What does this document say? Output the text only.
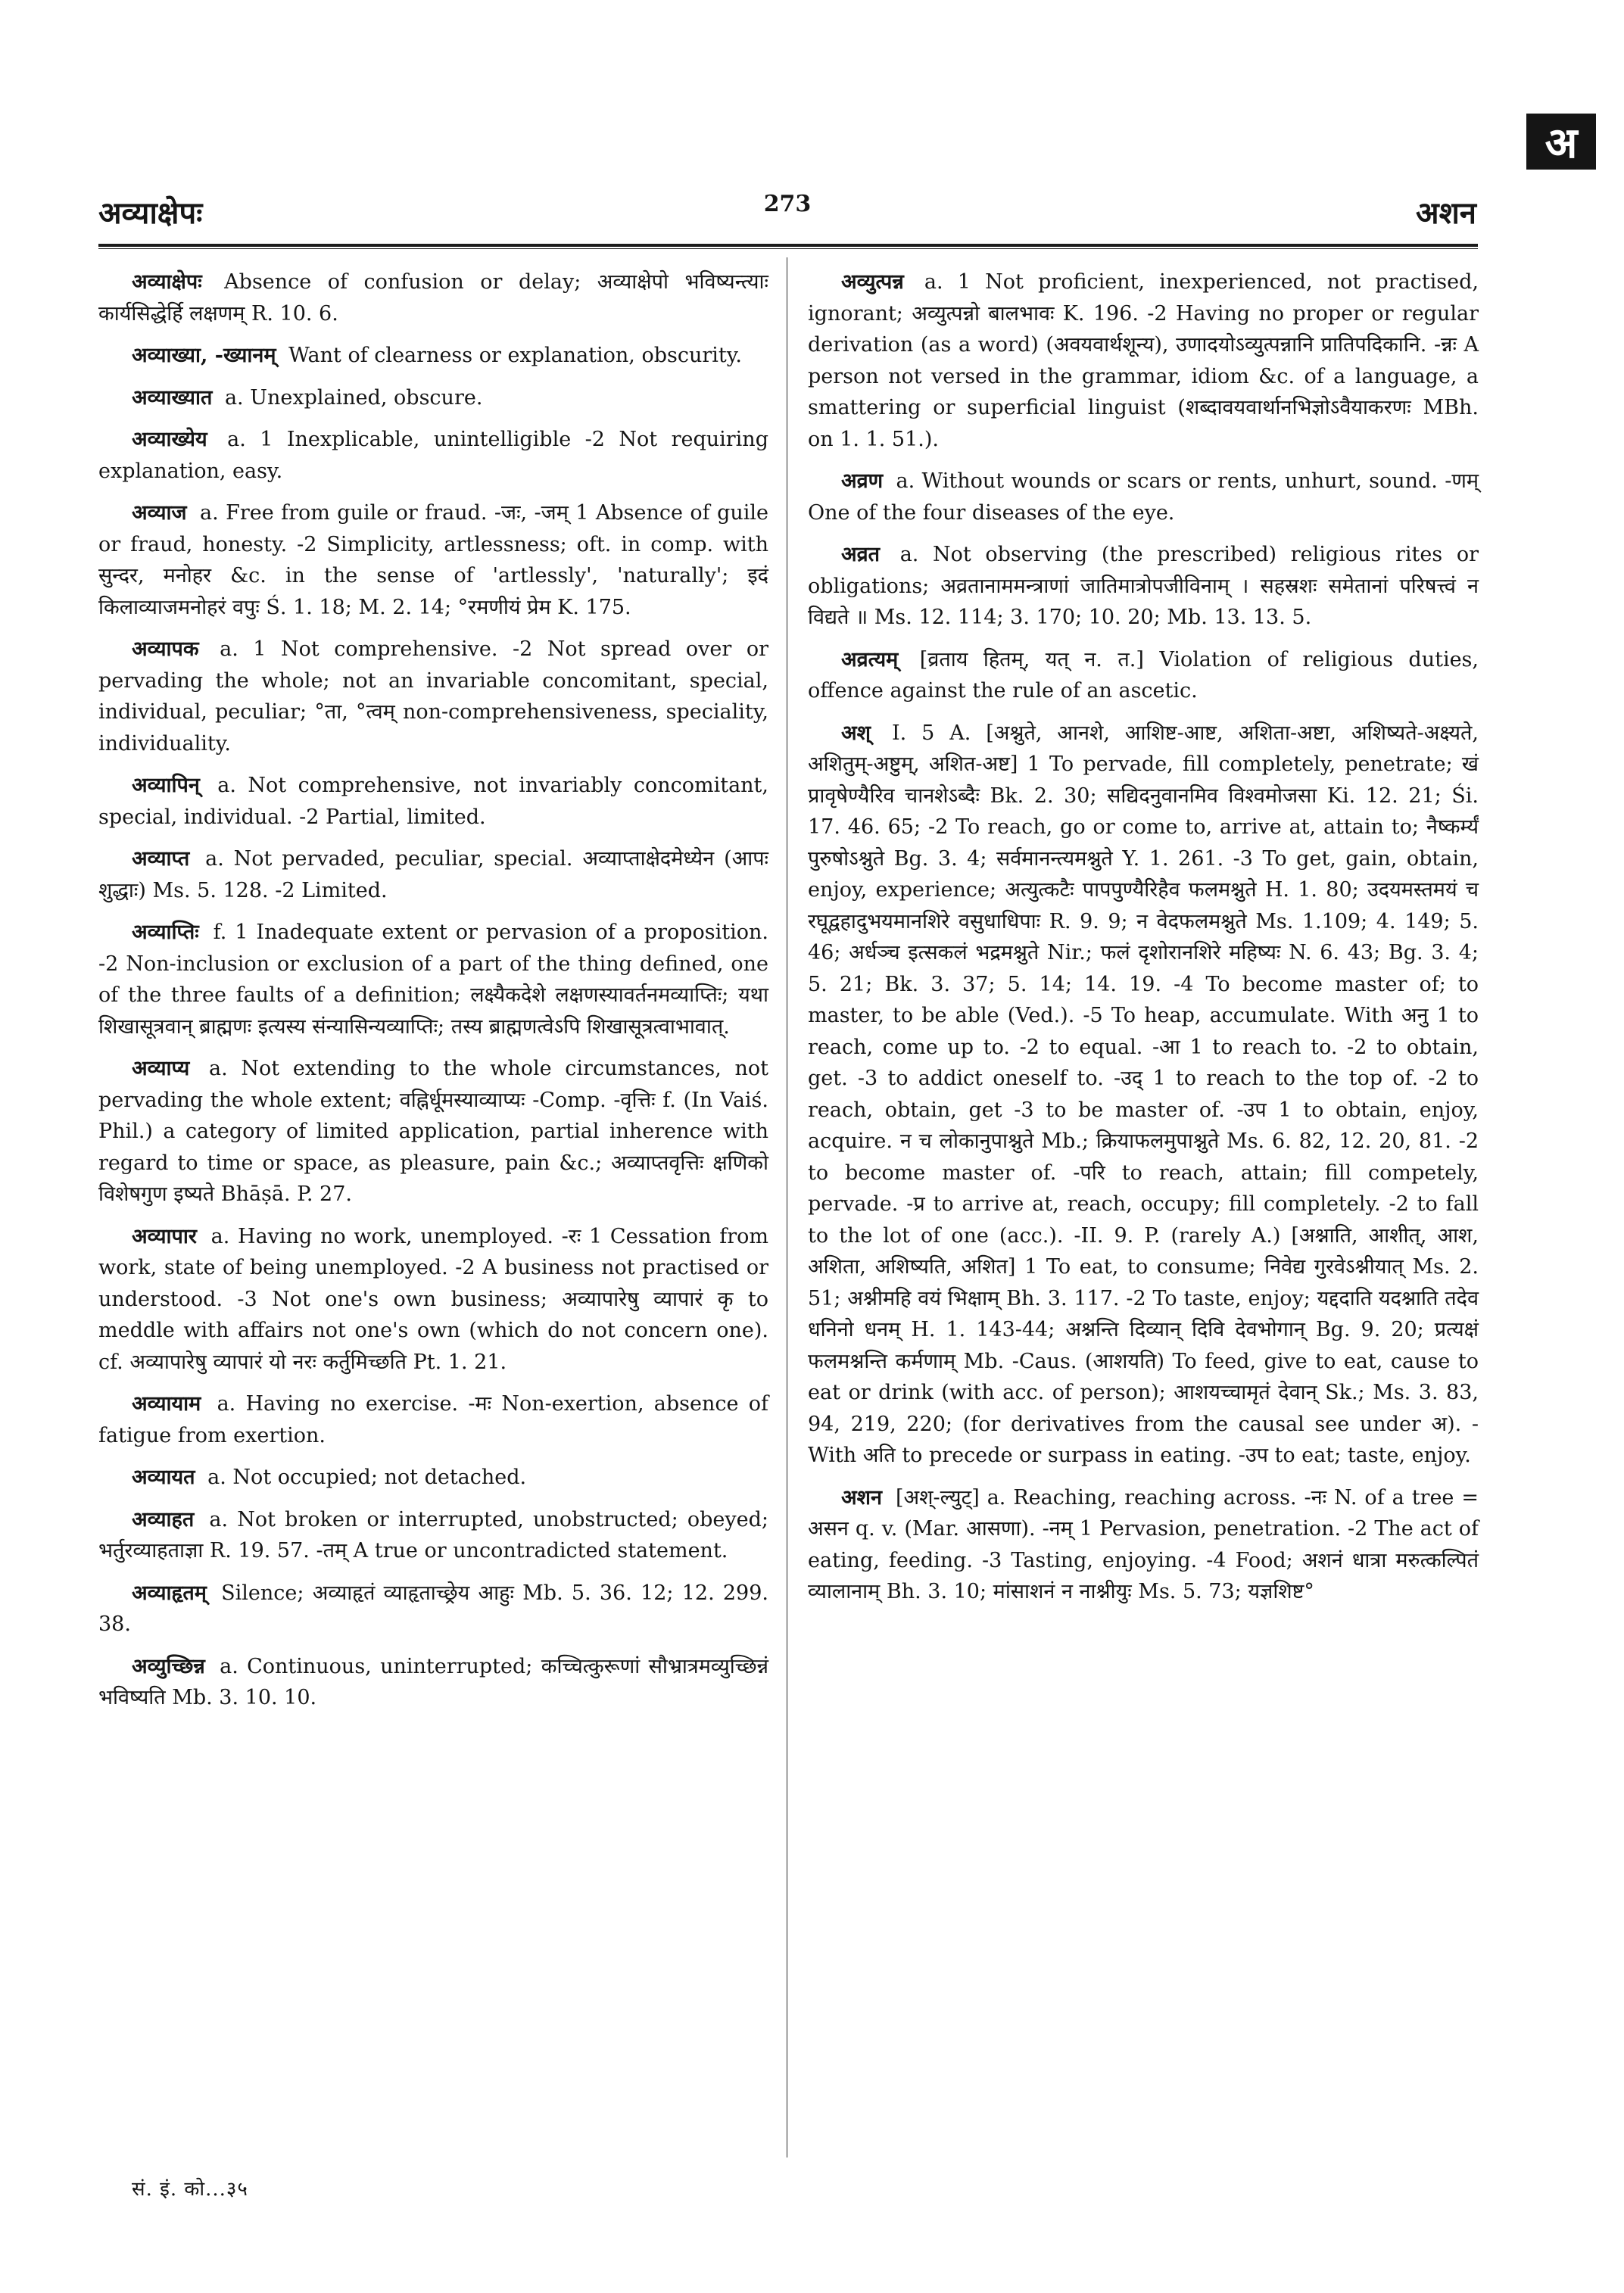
अ
अव्याक्षेपः	273	अशन

अव्याक्षेपः Absence of confusion or delay; अव्याक्षेपो भविष्यन्त्याः कार्यसिद्धेर्हि लक्षणम् R. 10. 6.

अव्याख्या, -ख्यानम् Want of clearness or explanation, obscurity.

अव्याख्यात a. Unexplained, obscure.

अव्याख्येय a. 1 Inexplicable, unintelligible -2 Not requiring explanation, easy.

अव्याज a. Free from guile or fraud. -जः, -जम् 1 Absence of guile or fraud, honesty. -2 Simplicity, artlessness; oft. in comp. with सुन्दर, मनोहर &c. in the sense of 'artlessly', 'naturally'; इदं किलाव्याजमनोहरं वपुः Ś. 1. 18; M. 2. 14; °रमणीयं प्रेम K. 175.

अव्यापक a. 1 Not comprehensive. -2 Not spread over or pervading the whole; not an invariable concomitant, special, individual, peculiar; °ता, °त्वम् non-comprehensiveness, speciality, individuality.

अव्यापिन् a. Not comprehensive, not invariably concomitant, special, individual. -2 Partial, limited.

अव्याप्त a. Not pervaded, peculiar, special. अव्याप्ताक्षेदमेध्येन (आपः शुद्धाः) Ms. 5. 128. -2 Limited.

अव्याप्तिः f. 1 Inadequate extent or pervasion of a proposition. -2 Non-inclusion or exclusion of a part of the thing defined, one of the three faults of a definition; लक्ष्यैकदेशे लक्षणस्यावर्तनमव्याप्तिः; यथा शिखासूत्रवान् ब्राह्मणः इत्यस्य संन्यासिन्यव्याप्तिः; तस्य ब्राह्मणत्वेऽपि शिखासूत्रत्वाभावात्.

अव्याप्य a. Not extending to the whole circumstances, not pervading the whole extent; वह्निर्धूमस्याव्याप्यः -Comp. -वृत्तिः f. (In Vaiś. Phil.) a category of limited application, partial inherence with regard to time or space, as pleasure, pain &c.; अव्याप्तवृत्तिः क्षणिको विशेषगुण इष्यते Bhāṣā. P. 27.

अव्यापार a. Having no work, unemployed. -रः 1 Cessation from work, state of being unemployed. -2 A business not practised or understood. -3 Not one's own business; अव्यापारेषु व्यापारं कृ to meddle with affairs not one's own (which do not concern one). cf. अव्यापारेषु व्यापारं यो नरः कर्तुमिच्छति Pt. 1. 21.

अव्यायाम a. Having no exercise. -मः Non-exertion, absence of fatigue from exertion.

अव्यायत a. Not occupied; not detached.

अव्याहत a. Not broken or interrupted, unobstructed; obeyed; भर्तुरव्याहताज्ञा R. 19. 57. -तम् A true or uncontradicted statement.

अव्याहृतम् Silence; अव्याहृतं व्याहृताच्छ्रेय आहुः Mb. 5. 36. 12; 12. 299. 38.

अव्युच्छिन्न a. Continuous, uninterrupted; कच्चित्कुरूणां सौभ्रात्रमव्युच्छिन्नं भविष्यति Mb. 3. 10. 10.

अव्युत्पन्न a. 1 Not proficient, inexperienced, not practised, ignorant; अव्युत्पन्नो बालभावः K. 196. -2 Having no proper or regular derivation (as a word) (अवयवार्थशून्य), उणादयोऽव्युत्पन्नानि प्रातिपदिकानि. -न्नः A person not versed in the grammar, idiom &c. of a language, a smattering or superficial linguist (शब्दावयवार्थानभिज्ञोऽवैयाकरणः MBh. on 1. 1. 51.).

अव्रण a. Without wounds or scars or rents, unhurt, sound. -णम् One of the four diseases of the eye.

अव्रत a. Not observing (the prescribed) religious rites or obligations; अव्रतानाममन्त्राणां जातिमात्रोपजीविनाम् । सहस्रशः समेतानां परिषत्त्वं न विद्यते ॥ Ms. 12. 114; 3. 170; 10. 20; Mb. 13. 13. 5.

अव्रत्यम् [व्रताय हितम्, यत् न. त.] Violation of religious duties, offence against the rule of an ascetic.

अश् I. 5 A. [अश्नुते, आनशे, आशिष्ट-आष्ट, अशिता-अष्टा, अशिष्यते-अक्ष्यते, अशितुम्-अष्टुम्, अशित-अष्ट] 1 To pervade, fill completely, penetrate; खं प्रावृषेण्यैरिव चानशेऽब्दैः Bk. 2. 30; सद्यिदनुवानमिव विश्वमोजसा Ki. 12. 21; Śi. 17. 46. 65; -2 To reach, go or come to, arrive at, attain to; नैष्कर्म्यं पुरुषोऽश्नुते Bg. 3. 4; सर्वमानन्त्यमश्नुते Y. 1. 261. -3 To get, gain, obtain, enjoy, experience; अत्युत्कटैः पापपुण्यैरिहैव फलमश्नुते H. 1. 80; उदयमस्तमयं च रघूद्वहादुभयमानशिरे वसुधाधिपाः R. 9. 9; न वेदफलमश्नुते Ms. 1.109; 4. 149; 5. 46; अर्धञ्च इत्सकलं भद्रमश्नुते Nir.; फलं दृशोरानशिरे महिष्यः N. 6. 43; Bg. 3. 4; 5. 21; Bk. 3. 37; 5. 14; 14. 19. -4 To become master of; to master, to be able (Ved.). -5 To heap, accumulate. With अनु 1 to reach, come up to. -2 to equal. -आ 1 to reach to. -2 to obtain, get. -3 to addict oneself to. -उद् 1 to reach to the top of. -2 to reach, obtain, get -3 to be master of. -उप 1 to obtain, enjoy, acquire. न च लोकानुपाश्नुते Mb.; क्रियाफलमुपाश्नुते Ms. 6. 82, 12. 20, 81. -2 to become master of. -परि to reach, attain; fill competely, pervade. -प्र to arrive at, reach, occupy; fill completely. -2 to fall to the lot of one (acc.). -II. 9. P. (rarely A.) [अश्नाति, आशीत्, आश, अशिता, अशिष्यति, अशित] 1 To eat, to consume; निवेद्य गुरवेऽश्नीयात् Ms. 2. 51; अश्नीमहि वयं भिक्षाम् Bh. 3. 117. -2 To taste, enjoy; यद्ददाति यदश्नाति तदेव धनिनो धनम् H. 1. 143-44; अश्नन्ति दिव्यान् दिवि देवभोगान् Bg. 9. 20; प्रत्यक्षं फलमश्नन्ति कर्मणाम् Mb. -Caus. (आशयति) To feed, give to eat, cause to eat or drink (with acc. of person); आशयच्चामृतं देवान् Sk.; Ms. 3. 83, 94, 219, 220; (for derivatives from the causal see under अ). -With अति to precede or surpass in eating. -उप to eat; taste, enjoy.

अशन [अश्-ल्युट्] a. Reaching, reaching across. -नः N. of a tree = असन q. v. (Mar. आसणा). -नम् 1 Pervasion, penetration. -2 The act of eating, feeding. -3 Tasting, enjoying. -4 Food; अशनं धात्रा मरुत्कल्पितं व्यालानाम् Bh. 3. 10; मांसाशनं न नाश्नीयुः Ms. 5. 73; यज्ञशिष्ट°

सं. इं. को...३५
